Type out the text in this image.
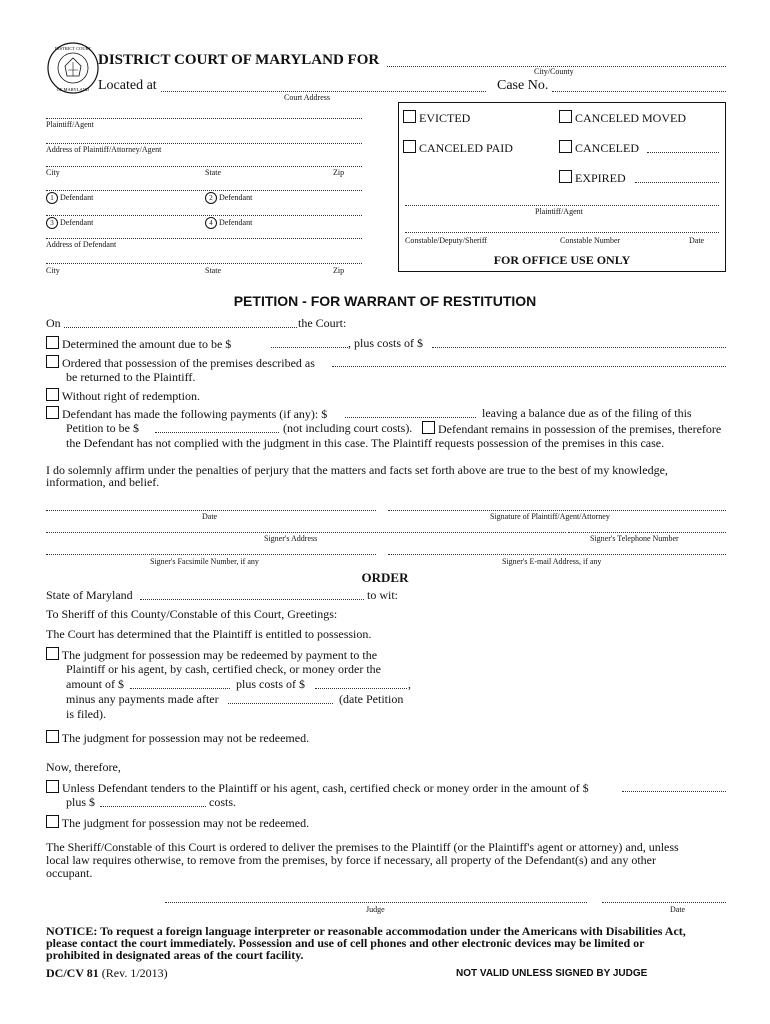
DISTRICT COURT
OF MARYLAND
DISTRICT COURT OF MARYLAND FOR
City/County
Located at
Court Address
Case No.
Plaintiff/Agent
Address of Plaintiff/Attorney/Agent
City	State	Zip
1 Defendant	2 Defendant
3 Defendant	4 Defendant
Address of Defendant
City	State	Zip
EVICTED	CANCELED MOVED
CANCELED PAID	CANCELED
EXPIRED
Plaintiff/Agent
Constable/Deputy/Sheriff	Constable Number	Date
FOR OFFICE USE ONLY
PETITION - FOR WARRANT OF RESTITUTION
On	the Court:
Determined the amount due to be $	, plus costs of $
Ordered that possession of the premises described as
be returned to the Plaintiff.
Without right of redemption.
Defendant has made the following payments (if any): $	leaving a balance due as of the filing of this
Petition to be $	(not including court costs).	Defendant remains in possession of the premises, therefore
the Defendant has not complied with the judgment in this case. The Plaintiff requests possession of the premises in this case.
I do solemnly affirm under the penalties of perjury that the matters and facts set forth above are true to the best of my knowledge,
information, and belief.
Date	Signature of Plaintiff/Agent/Attorney
Signer's Address	Signer's Telephone Number
Signer's Facsimile Number, if any	Signer's E-mail Address, if any
ORDER
State of Maryland	to wit:
To Sheriff of this County/Constable of this Court, Greetings:
The Court has determined that the Plaintiff is entitled to possession.
The judgment for possession may be redeemed by payment to the
Plaintiff or his agent, by cash, certified check, or money order the
amount of $	plus costs of $	,
minus any payments made after	(date Petition
is filed).
The judgment for possession may not be redeemed.
Now, therefore,
Unless Defendant tenders to the Plaintiff or his agent, cash, certified check or money order in the amount of $
plus $	costs.
The judgment for possession may not be redeemed.
The Sheriff/Constable of this Court is ordered to deliver the premises to the Plaintiff (or the Plaintiff's agent or attorney) and, unless
local law requires otherwise, to remove from the premises, by force if necessary, all property of the Defendant(s) and any other
occupant.
Judge	Date
NOTICE: To request a foreign language interpreter or reasonable accommodation under the Americans with Disabilities Act,
please contact the court immediately. Possession and use of cell phones and other electronic devices may be limited or
prohibited in designated areas of the court facility.
DC/CV 81 (Rev. 1/2013)	NOT VALID UNLESS SIGNED BY JUDGE
